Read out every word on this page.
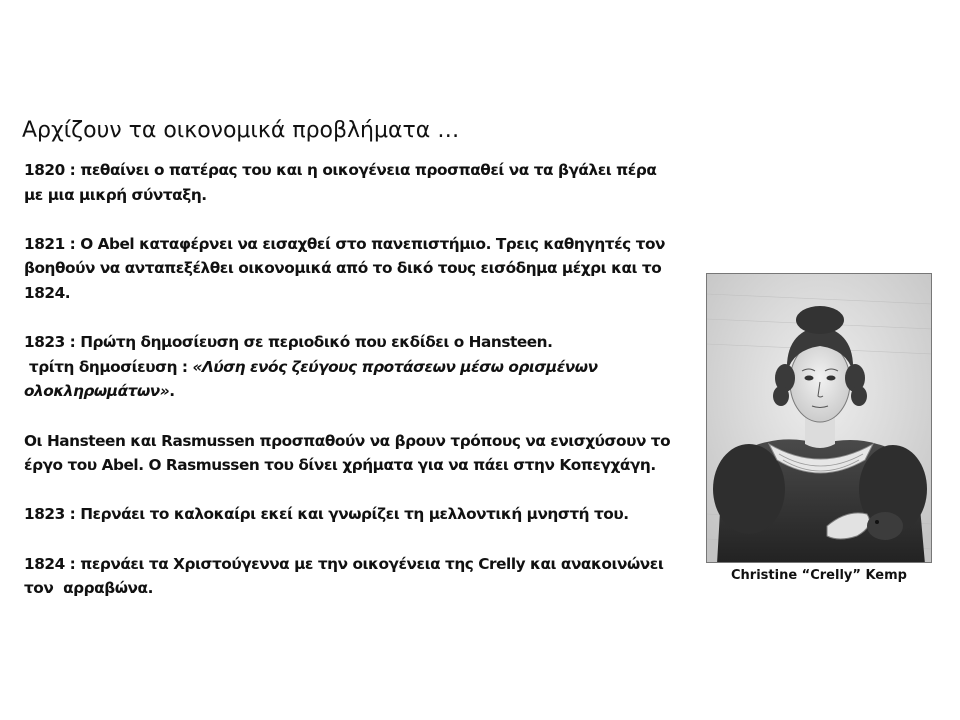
Αρχίζουν τα οικονομικά προβλήματα …

1820 : πεθαίνει ο πατέρας του και η οικογένεια προσπαθεί να τα βγάλει πέρα
με μια μικρή σύνταξη.

1821 : Ο Abel καταφέρνει να εισαχθεί στο πανεπιστήμιο. Τρεις καθηγητές τον
βοηθούν να ανταπεξέλθει οικονομικά από το δικό τους εισόδημα μέχρι και το
1824.

1823 : Πρώτη δημοσίευση σε περιοδικό που εκδίδει ο Hansteen.
τρίτη δημοσίευση : «Λύση ενός ζεύγους προτάσεων μέσω ορισμένων
ολοκληρωμάτων».

Οι Hansteen και Rasmussen προσπαθούν να βρουν τρόπους να ενισχύσουν το
έργο του Abel. Ο Rasmussen του δίνει χρήματα για να πάει στην Κοπεγχάγη.

1823 : Περνάει το καλοκαίρι εκεί και γνωρίζει τη μελλοντική μνηστή του.

1824 : περνάει τα Χριστούγεννα με την οικογένεια της Crelly και ανακοινώνει
τον  αρραβώνα.

Christine “Crelly” Kemp
